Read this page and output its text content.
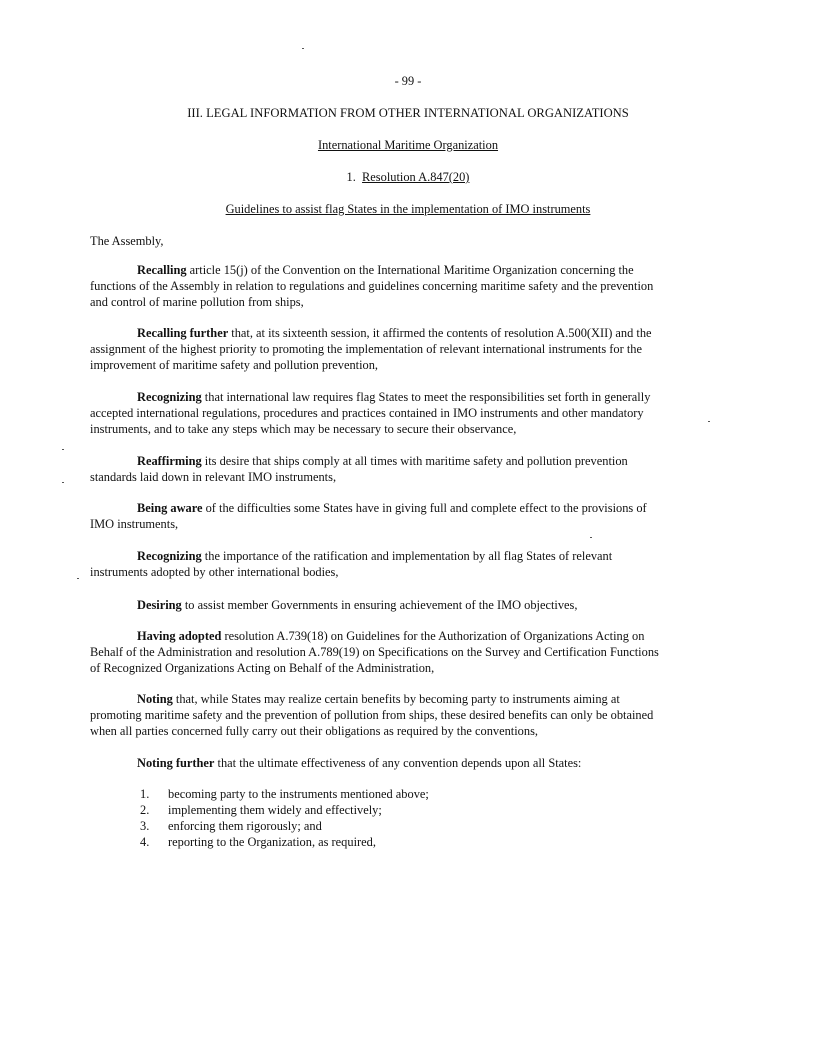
- 99 -
III. LEGAL INFORMATION FROM OTHER INTERNATIONAL ORGANIZATIONS
International Maritime Organization
1. Resolution A.847(20)
Guidelines to assist flag States in the implementation of IMO instruments
The Assembly,
Recalling article 15(j) of the Convention on the International Maritime Organization concerning the
functions of the Assembly in relation to regulations and guidelines concerning maritime safety and the prevention
and control of marine pollution from ships,
Recalling further that, at its sixteenth session, it affirmed the contents of resolution A.500(XII) and the
assignment of the highest priority to promoting the implementation of relevant international instruments for the
improvement of maritime safety and pollution prevention,
Recognizing that international law requires flag States to meet the responsibilities set forth in generally
accepted international regulations, procedures and practices contained in IMO instruments and other mandatory
instruments, and to take any steps which may be necessary to secure their observance,
Reaffirming its desire that ships comply at all times with maritime safety and pollution prevention
standards laid down in relevant IMO instruments,
Being aware of the difficulties some States have in giving full and complete effect to the provisions of
IMO instruments,
Recognizing the importance of the ratification and implementation by all flag States of relevant
instruments adopted by other international bodies,
Desiring to assist member Governments in ensuring achievement of the IMO objectives,
Having adopted resolution A.739(18) on Guidelines for the Authorization of Organizations Acting on
Behalf of the Administration and resolution A.789(19) on Specifications on the Survey and Certification Functions
of Recognized Organizations Acting on Behalf of the Administration,
Noting that, while States may realize certain benefits by becoming party to instruments aiming at
promoting maritime safety and the prevention of pollution from ships, these desired benefits can only be obtained
when all parties concerned fully carry out their obligations as required by the conventions,
Noting further that the ultimate effectiveness of any convention depends upon all States:
1.	becoming party to the instruments mentioned above;
2.	implementing them widely and effectively;
3.	enforcing them rigorously; and
4.	reporting to the Organization, as required,
